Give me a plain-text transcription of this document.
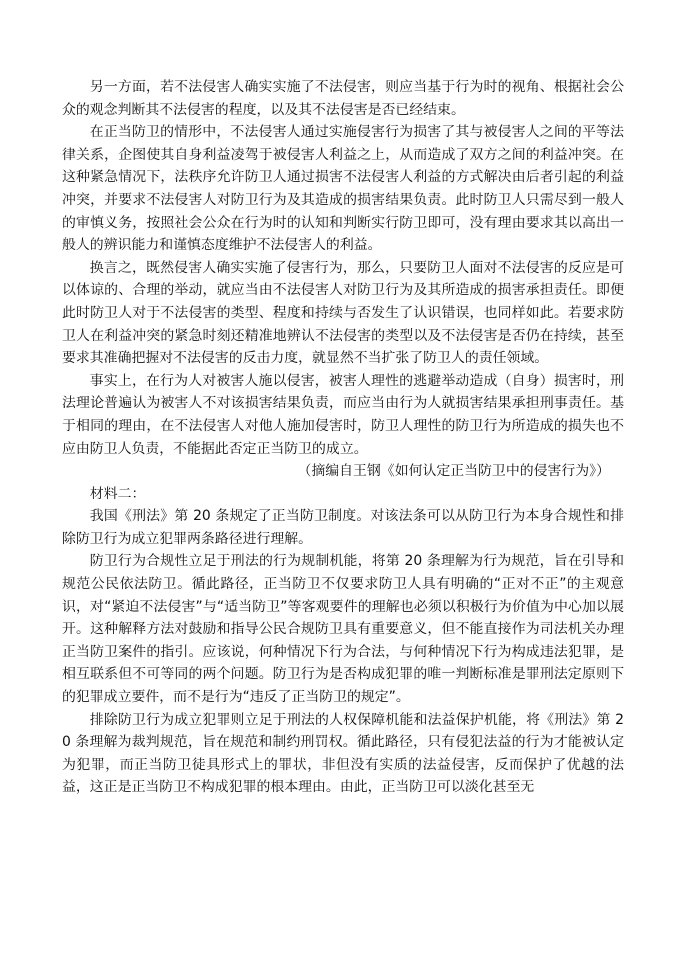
另一方面，若不法侵害人确实实施了不法侵害，则应当基于行为时的视角、根据社会公众的观念判断其不法侵害的程度，以及其不法侵害是否已经结束。

在正当防卫的情形中，不法侵害人通过实施侵害行为损害了其与被侵害人之间的平等法律关系，企图使其自身利益凌驾于被侵害人利益之上，从而造成了双方之间的利益冲突。在这种紧急情况下，法秩序允许防卫人通过损害不法侵害人利益的方式解决由后者引起的利益冲突，并要求不法侵害人对防卫行为及其造成的损害结果负责。此时防卫人只需尽到一般人的审慎义务，按照社会公众在行为时的认知和判断实行防卫即可，没有理由要求其以高出一般人的辨识能力和谨慎态度维护不法侵害人的利益。

换言之，既然侵害人确实实施了侵害行为，那么，只要防卫人面对不法侵害的反应是可以体谅的、合理的举动，就应当由不法侵害人对防卫行为及其所造成的损害承担责任。即便此时防卫人对于不法侵害的类型、程度和持续与否发生了认识错误，也同样如此。若要求防卫人在利益冲突的紧急时刻还精准地辨认不法侵害的类型以及不法侵害是否仍在持续，甚至要求其准确把握对不法侵害的反击力度，就显然不当扩张了防卫人的责任领域。

事实上，在行为人对被害人施以侵害，被害人理性的逃避举动造成（自身）损害时，刑法理论普遍认为被害人不对该损害结果负责，而应当由行为人就损害结果承担刑事责任。基于相同的理由，在不法侵害人对他人施加侵害时，防卫人理性的防卫行为所造成的损失也不应由防卫人负责，不能据此否定正当防卫的成立。

（摘编自王钢《如何认定正当防卫中的侵害行为》）

材料二：

我国《刑法》第 20 条规定了正当防卫制度。对该法条可以从防卫行为本身合规性和排除防卫行为成立犯罪两条路径进行理解。

防卫行为合规性立足于刑法的行为规制机能，将第 20 条理解为行为规范，旨在引导和规范公民依法防卫。循此路径，正当防卫不仅要求防卫人具有明确的“正对不正”的主观意识，对“紧迫不法侵害”与“适当防卫”等客观要件的理解也必须以积极行为价值为中心加以展开。这种解释方法对鼓励和指导公民合规防卫具有重要意义，但不能直接作为司法机关办理正当防卫案件的指引。应该说，何种情况下行为合法，与何种情况下行为构成违法犯罪，是相互联系但不可等同的两个问题。防卫行为是否构成犯罪的唯一判断标准是罪刑法定原则下的犯罪成立要件，而不是行为“违反了正当防卫的规定”。

排除防卫行为成立犯罪则立足于刑法的人权保障机能和法益保护机能，将《刑法》第 20 条理解为裁判规范，旨在规范和制约刑罚权。循此路径，只有侵犯法益的行为才能被认定为犯罪，而正当防卫徒具形式上的罪状，非但没有实质的法益侵害，反而保护了优越的法益，这正是正当防卫不构成犯罪的根本理由。由此，正当防卫可以淡化甚至无
